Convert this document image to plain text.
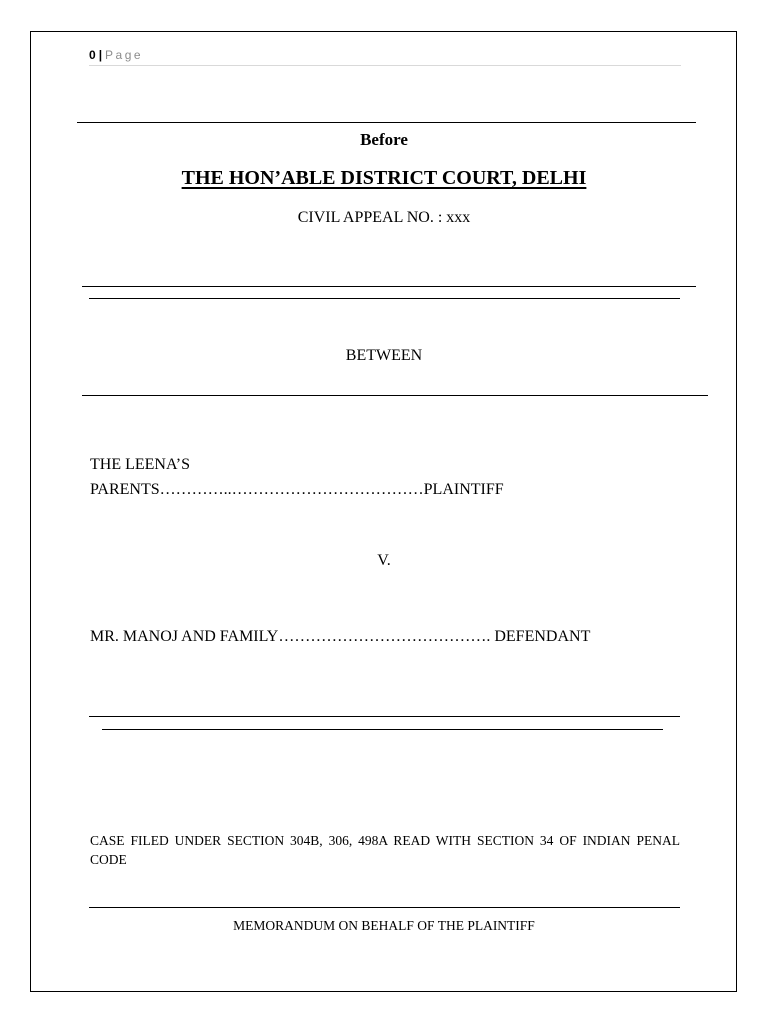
0 | Page
Before
THE HON’ABLE DISTRICT COURT, DELHI
CIVIL APPEAL NO. : xxx
BETWEEN
THE LEENA’S
PARENTS…………..………………………………PLAINTIFF
V.
MR. MANOJ AND FAMILY…………………………………. DEFENDANT
CASE FILED UNDER SECTION 304B, 306, 498A READ WITH SECTION 34 OF INDIAN PENAL CODE
MEMORANDUM ON BEHALF OF THE PLAINTIFF
